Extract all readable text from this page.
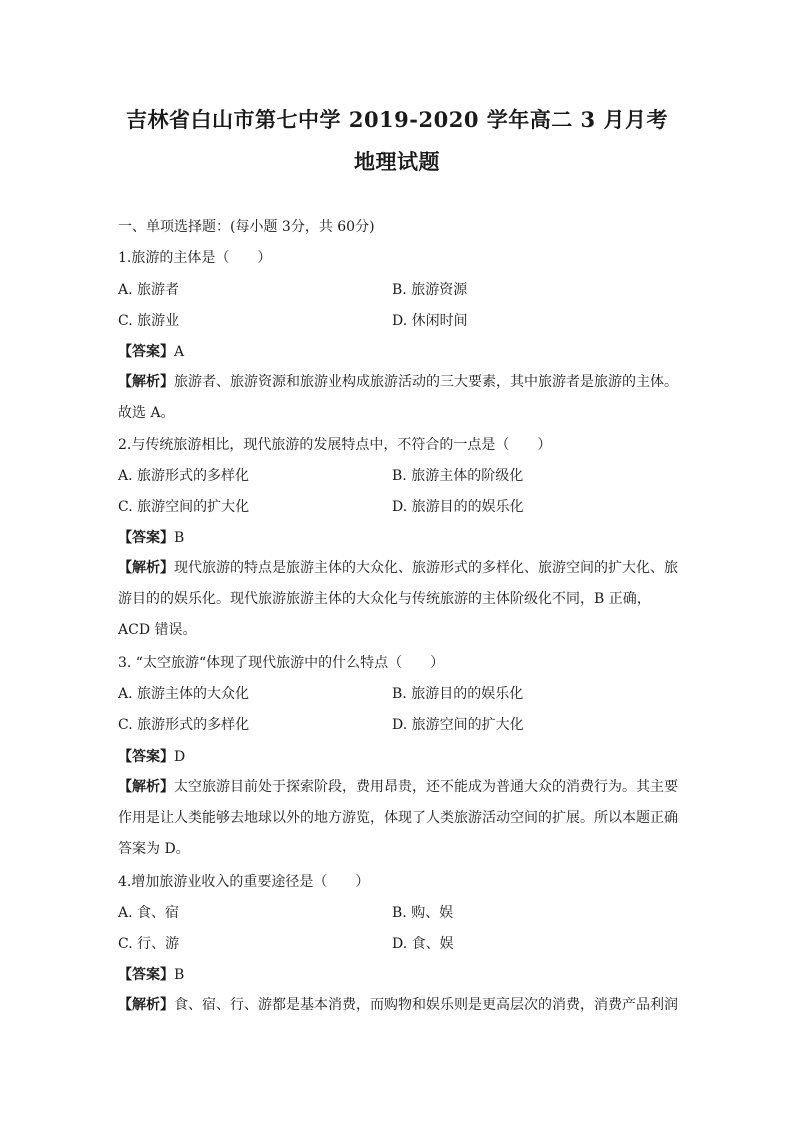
吉林省白山市第七中学 2019-2020 学年高二 3 月月考
地理试题
一、单项选择题：(每小题 3分，共 60分)
1.旅游的主体是（　　）
A. 旅游者	B. 旅游资源
C. 旅游业	D. 休闲时间
【答案】A
【解析】旅游者、旅游资源和旅游业构成旅游活动的三大要素，其中旅游者是旅游的主体。故选 A。
2.与传统旅游相比，现代旅游的发展特点中，不符合的一点是（　　）
A. 旅游形式的多样化	B. 旅游主体的阶级化
C. 旅游空间的扩大化	D. 旅游目的的娱乐化
【答案】B
【解析】现代旅游的特点是旅游主体的大众化、旅游形式的多样化、旅游空间的扩大化、旅游目的的娱乐化。现代旅游旅游主体的大众化与传统旅游的主体阶级化不同，B 正确，ACD 错误。
3. “太空旅游“体现了现代旅游中的什么特点（　　）
A. 旅游主体的大众化	B. 旅游目的的娱乐化
C. 旅游形式的多样化	D. 旅游空间的扩大化
【答案】D
【解析】太空旅游目前处于探索阶段，费用昂贵，还不能成为普通大众的消费行为。其主要作用是让人类能够去地球以外的地方游览，体现了人类旅游活动空间的扩展。所以本题正确答案为 D。
4.增加旅游业收入的重要途径是（　　）
A. 食、宿	B. 购、娱
C. 行、游	D. 食、娱
【答案】B
【解析】食、宿、行、游都是基本消费，而购物和娱乐则是更高层次的消费，消费产品利润
